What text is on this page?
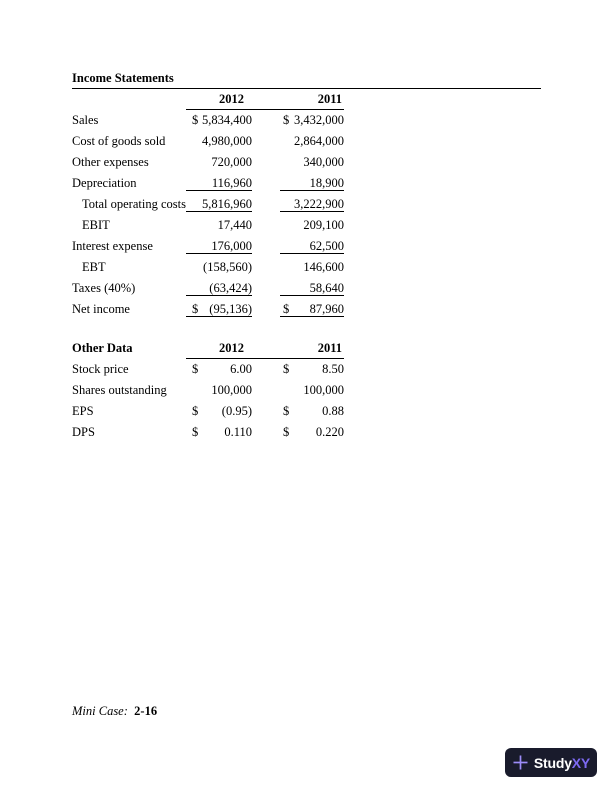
Income Statements
2012	2011
Sales	$ 5,834,400 $ 3,432,000
Cost of goods sold	4,980,000	2,864,000
Other expenses	720,000	340,000
Depreciation	116,960	18,900
Total operating costs 5,816,960	3,222,900
EBIT	17,440	209,100
Interest expense	176,000	62,500
EBT	(158,560)	146,600
Taxes (40%)	(63,424)	58,640
Net income	$ (95,136) $ 87,960
Other Data	2012	2011
Stock price	$	6.00 $	8.50
Shares outstanding	100,000	100,000
EPS	$ (0.95) $	0.88
DPS	$ 0.110 $ 0.220
Mini Case: 2-16
StudyXY
